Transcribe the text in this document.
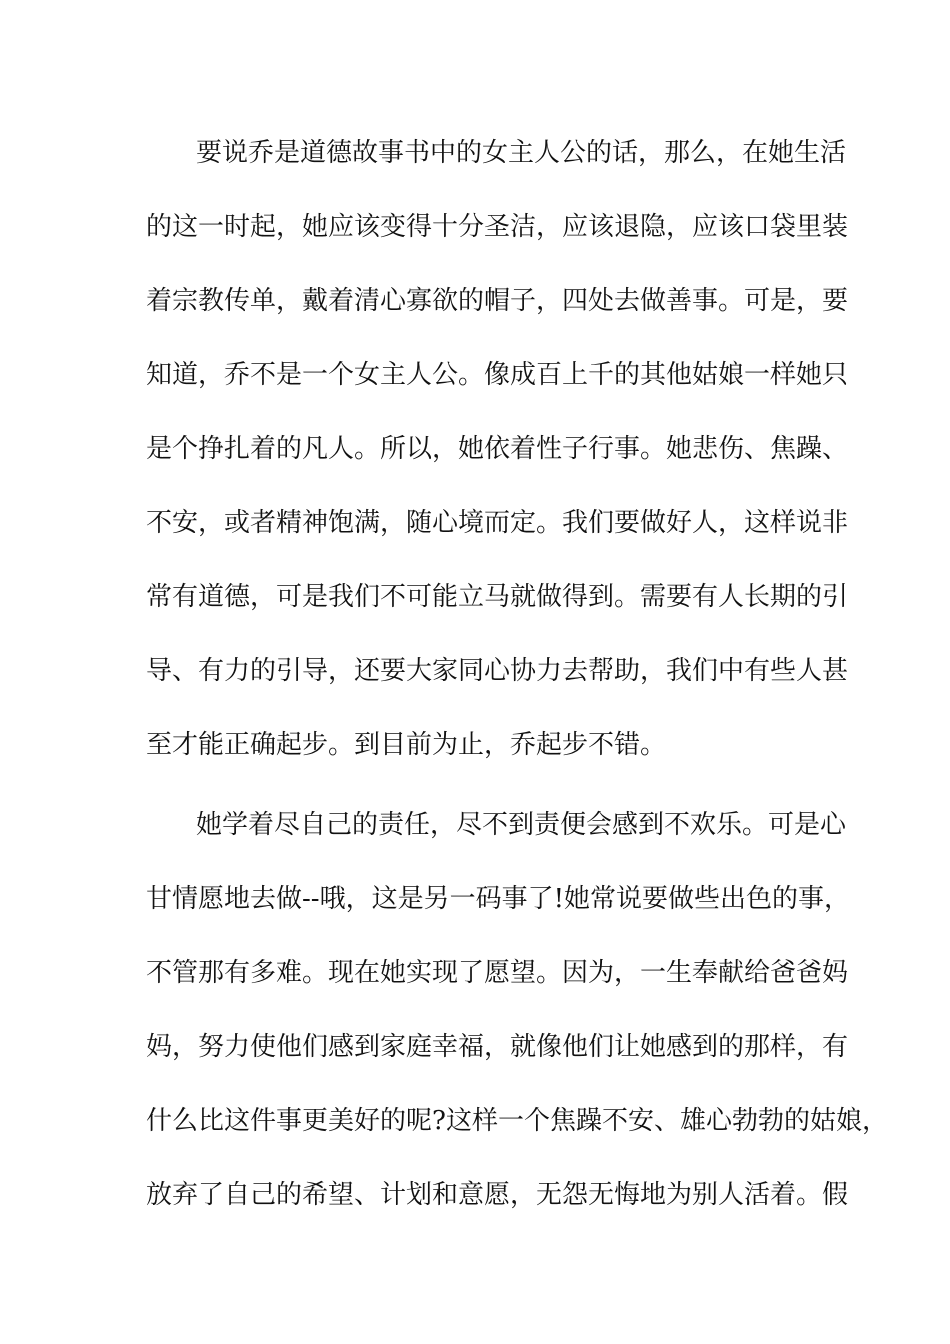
要说乔是道德故事书中的女主人公的话，那么，在她生活
的这一时起，她应该变得十分圣洁，应该退隐，应该口袋里装
着宗教传单，戴着清心寡欲的帽子，四处去做善事。可是，要
知道，乔不是一个女主人公。像成百上千的其他姑娘一样她只
是个挣扎着的凡人。所以，她依着性子行事。她悲伤、焦躁、
不安，或者精神饱满，随心境而定。我们要做好人，这样说非
常有道德，可是我们不可能立马就做得到。需要有人长期的引
导、有力的引导，还要大家同心协力去帮助，我们中有些人甚
至才能正确起步。到目前为止，乔起步不错。
她学着尽自己的责任，尽不到责便会感到不欢乐。可是心
甘情愿地去做--哦，这是另一码事了!她常说要做些出色的事，
不管那有多难。现在她实现了愿望。因为，一生奉献给爸爸妈
妈，努力使他们感到家庭幸福，就像他们让她感到的那样，有
什么比这件事更美好的呢?这样一个焦躁不安、雄心勃勃的姑娘，
放弃了自己的希望、计划和意愿，无怨无悔地为别人活着。假
